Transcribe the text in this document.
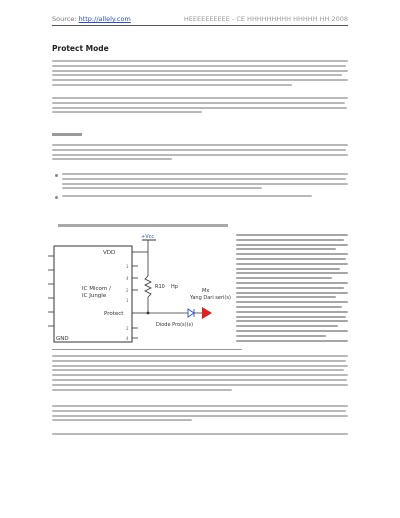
Source: http://allely.com	HEEEEEEEEEE - CE HHHHHHHHH HHHHH HH 2008
Protect Mode
1
4
2
1
2
4
VDD
IC Micom /
IC Jungle
Protect
GND
+Vcc
R10 Hp
Diode Pro(s)(s)
Mx
Yang Dari seri(s)
